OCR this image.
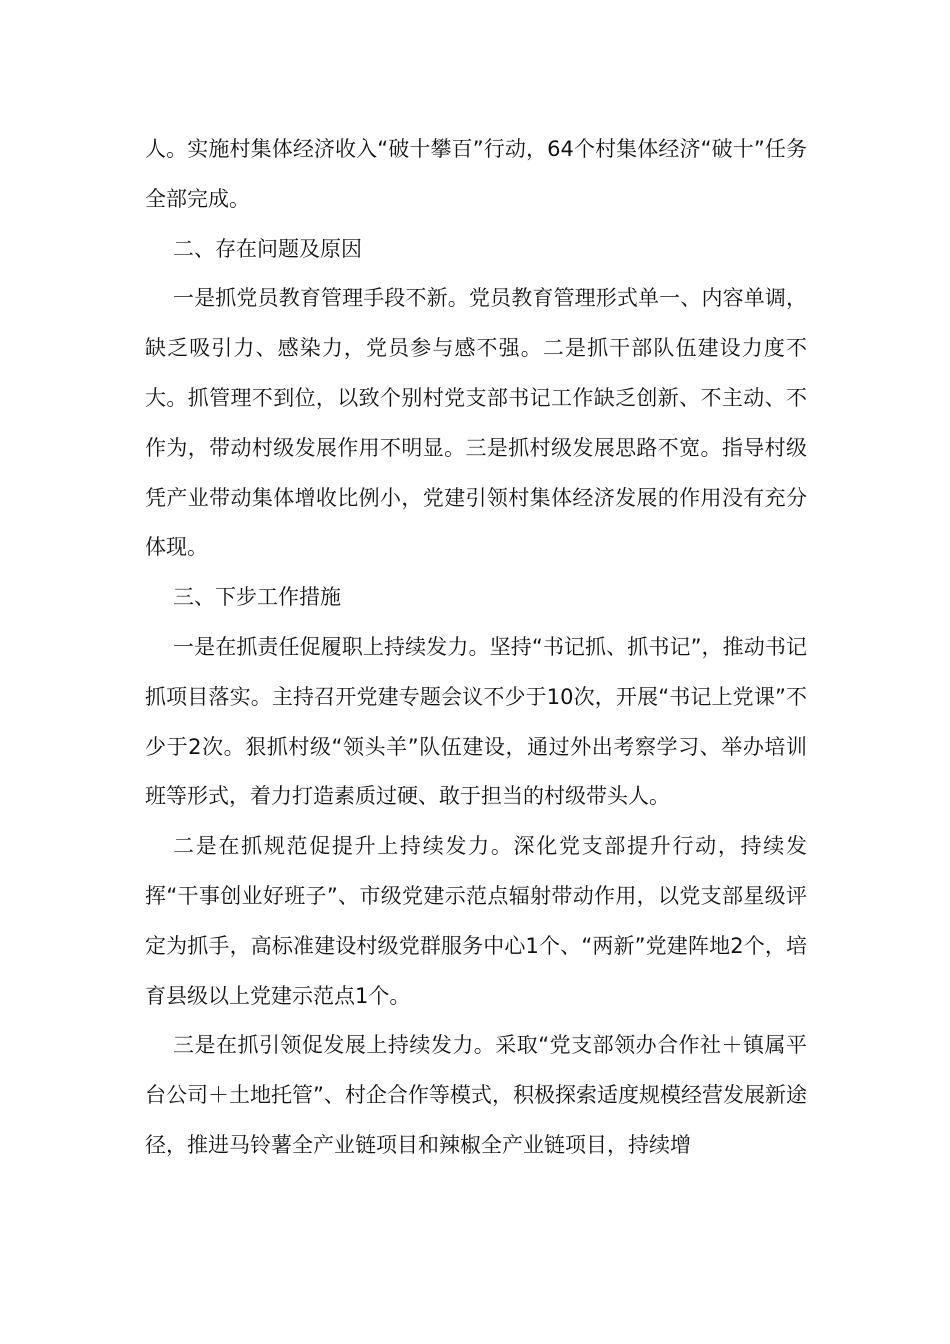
人。实施村集体经济收入“破十攀百”行动，64个村集体经济“破十”任务全部完成。

二、存在问题及原因

一是抓党员教育管理手段不新。党员教育管理形式单一、内容单调，缺乏吸引力、感染力，党员参与感不强。二是抓干部队伍建设力度不大。抓管理不到位，以致个别村党支部书记工作缺乏创新、不主动、不作为，带动村级发展作用不明显。三是抓村级发展思路不宽。指导村级凭产业带动集体增收比例小，党建引领村集体经济发展的作用没有充分体现。

三、下步工作措施

一是在抓责任促履职上持续发力。坚持“书记抓、抓书记”，推动书记抓项目落实。主持召开党建专题会议不少于10次，开展“书记上党课”不少于2次。狠抓村级“领头羊”队伍建设，通过外出考察学习、举办培训班等形式，着力打造素质过硬、敢于担当的村级带头人。

二是在抓规范促提升上持续发力。深化党支部提升行动，持续发挥“干事创业好班子”、市级党建示范点辐射带动作用，以党支部星级评定为抓手，高标准建设村级党群服务中心1个、“两新”党建阵地2个，培育县级以上党建示范点1个。

三是在抓引领促发展上持续发力。采取“党支部领办合作社＋镇属平台公司＋土地托管”、村企合作等模式，积极探索适度规模经营发展新途径，推进马铃薯全产业链项目和辣椒全产业链项目，持续增
